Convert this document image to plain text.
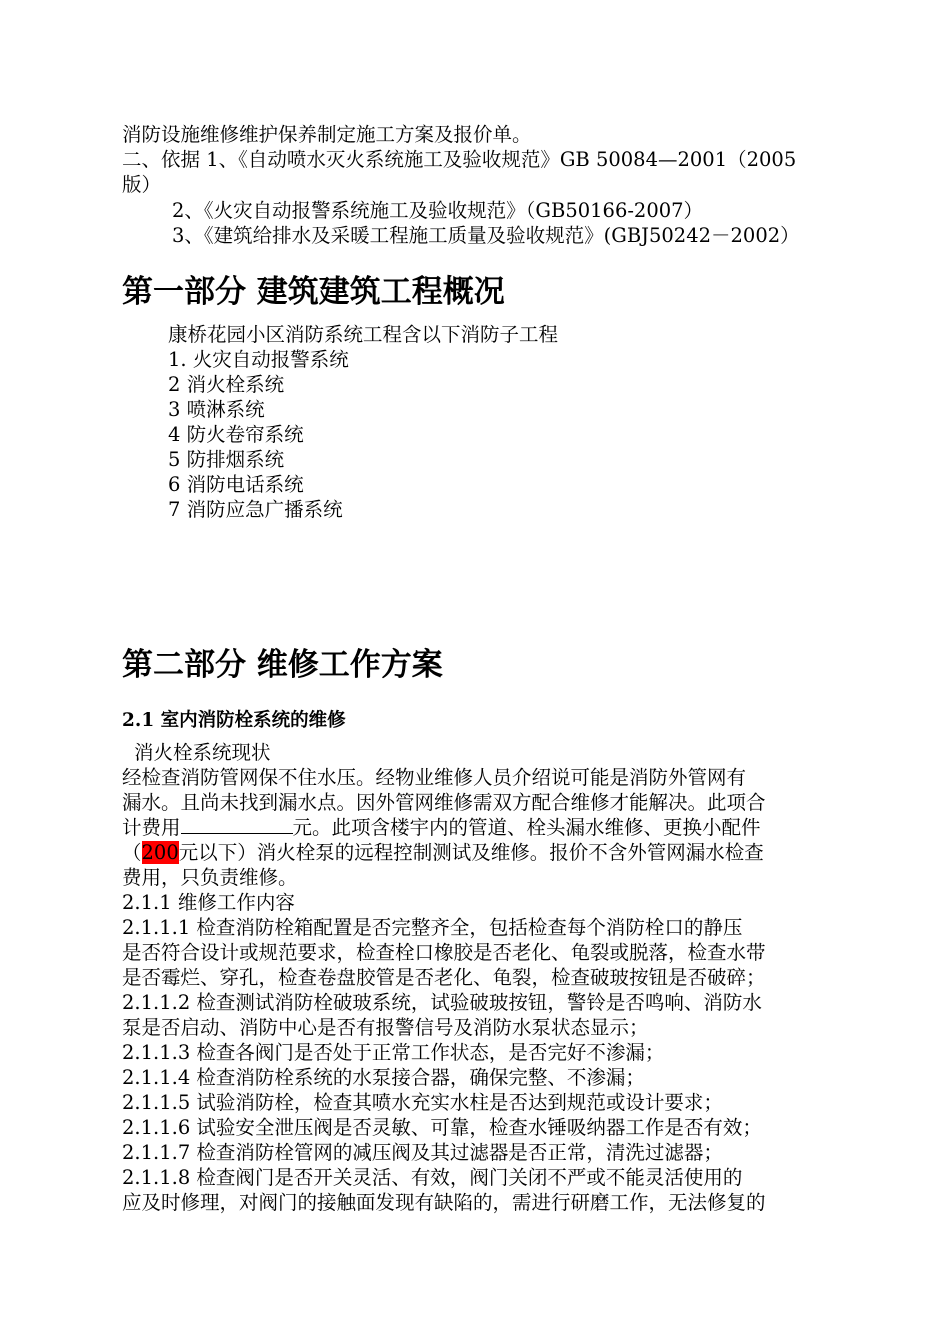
消防设施维修维护保养制定施工方案及报价单。
二、依据 1、《自动喷水灭火系统施工及验收规范》GB 50084—2001（2005
版）
2、《火灾自动报警系统施工及验收规范》（GB50166-2007）
3、《建筑给排水及采暖工程施工质量及验收规范》(GBJ50242－2002）
第一部分 建筑建筑工程概况
康桥花园小区消防系统工程含以下消防子工程
1. 火灾自动报警系统
2 消火栓系统
3 喷淋系统
4 防火卷帘系统
5 防排烟系统
6 消防电话系统
7 消防应急广播系统
第二部分 维修工作方案
2.1 室内消防栓系统的维修
消火栓系统现状
经检查消防管网保不住水压。经物业维修人员介绍说可能是消防外管网有
漏水。且尚未找到漏水点。因外管网维修需双方配合维修才能解决。此项合
计费用	元。此项含楼宇内的管道、栓头漏水维修、更换小配件
（200元以下）消火栓泵的远程控制测试及维修。报价不含外管网漏水检查
费用，只负责维修。
2.1.1 维修工作内容
2.1.1.1 检查消防栓箱配置是否完整齐全，包括检查每个消防栓口的静压
是否符合设计或规范要求，检查栓口橡胶是否老化、龟裂或脱落，检查水带
是否霉烂、穿孔，检查卷盘胶管是否老化、龟裂，检查破玻按钮是否破碎；
2.1.1.2 检查测试消防栓破玻系统，试验破玻按钮，警铃是否鸣响、消防水
泵是否启动、消防中心是否有报警信号及消防水泵状态显示；
2.1.1.3 检查各阀门是否处于正常工作状态，是否完好不渗漏；
2.1.1.4 检查消防栓系统的水泵接合器，确保完整、不渗漏；
2.1.1.5 试验消防栓，检查其喷水充实水柱是否达到规范或设计要求；
2.1.1.6 试验安全泄压阀是否灵敏、可靠，检查水锤吸纳器工作是否有效；
2.1.1.7 检查消防栓管网的减压阀及其过滤器是否正常，清洗过滤器；
2.1.1.8 检查阀门是否开关灵活、有效，阀门关闭不严或不能灵活使用的
应及时修理，对阀门的接触面发现有缺陷的，需进行研磨工作，无法修复的
